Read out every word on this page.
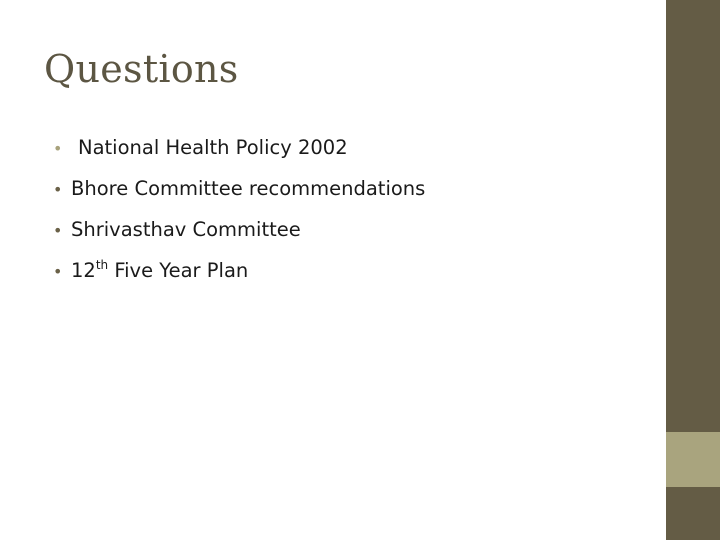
Questions
• National Health Policy 2002
• Bhore Committee recommendations
• Shrivasthav Committee
• 12th Five Year Plan
